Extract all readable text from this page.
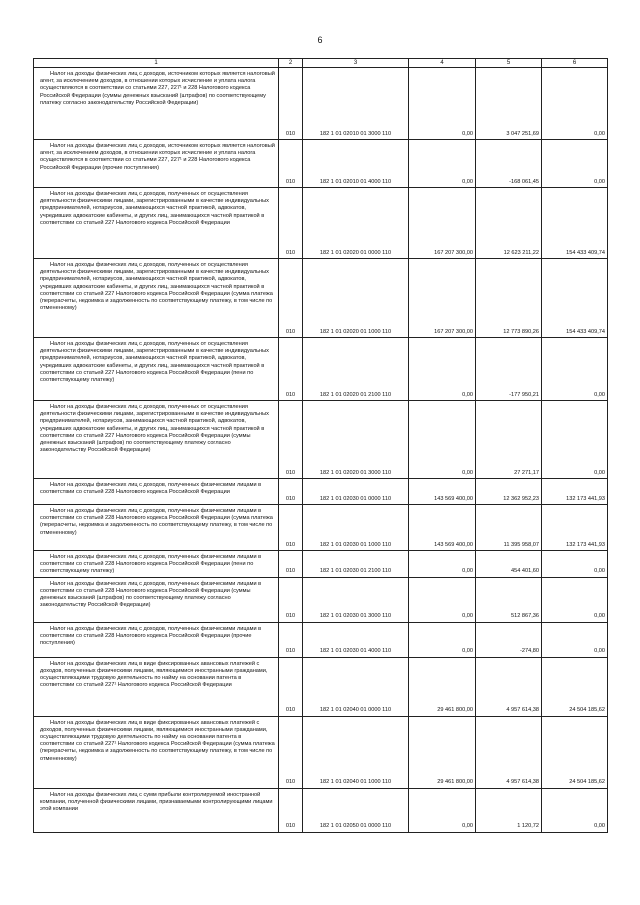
6
1	2	3	4	5	6

Налог на доходы физических лиц с доходов, источником которых является налоговый агент, за исключением доходов, в отношении которых исчисление и уплата налога осуществляются в соответствии со статьями 227, 227¹ и 228 Налогового кодекса Российской Федерации (суммы денежных взысканий (штрафов) по соответствующему платежу согласно законодательству Российской Федерации)	010	182 1 01 02010 01 3000 110	0,00	3 047 251,69	0,00

Налог на доходы физических лиц с доходов, источником которых является налоговый агент, за исключением доходов, в отношении которых исчисление и уплата налога осуществляются в соответствии со статьями 227, 227¹ и 228 Налогового кодекса Российской Федерации (прочие поступления)	010	182 1 01 02010 01 4000 110	0,00	-168 061,45	0,00

Налог на доходы физических лиц с доходов, полученных от осуществления деятельности физическими лицами, зарегистрированными в качестве индивидуальных предпринимателей, нотариусов, занимающихся частной практикой, адвокатов, учредивших адвокатские кабинеты, и других лиц, занимающихся частной практикой в соответствии со статьей 227 Налогового кодекса Российской Федерации	010	182 1 01 02020 01 0000 110	167 207 300,00	12 623 211,22	154 433 409,74

Налог на доходы физических лиц с доходов, полученных от осуществления деятельности физическими лицами, зарегистрированными в качестве индивидуальных предпринимателей, нотариусов, занимающихся частной практикой, адвокатов, учредивших адвокатские кабинеты, и других лиц, занимающихся частной практикой в соответствии со статьей 227 Налогового кодекса Российской Федерации (сумма платежа (перерасчеты, недоимка и задолженность по соответствующему платежу, в том числе по отмененному)	010	182 1 01 02020 01 1000 110	167 207 300,00	12 773 890,26	154 433 409,74

Налог на доходы физических лиц с доходов, полученных от осуществления деятельности физическими лицами, зарегистрированными в качестве индивидуальных предпринимателей, нотариусов, занимающихся частной практикой, адвокатов, учредивших адвокатские кабинеты, и других лиц, занимающихся частной практикой в соответствии со статьей 227 Налогового кодекса Российской Федерации (пени по соответствующему платежу)	010	182 1 01 02020 01 2100 110	0,00	-177 950,21	0,00

Налог на доходы физических лиц с доходов, полученных от осуществления деятельности физическими лицами, зарегистрированными в качестве индивидуальных предпринимателей, нотариусов, занимающихся частной практикой, адвокатов, учредивших адвокатские кабинеты, и других лиц, занимающихся частной практикой в соответствии со статьей 227 Налогового кодекса Российской Федерации (суммы денежных взысканий (штрафов) по соответствующему платежу согласно законодательству Российской Федерации)	010	182 1 01 02020 01 3000 110	0,00	27 271,17	0,00

Налог на доходы физических лиц с доходов, полученных физическими лицами в соответствии со статьей 228 Налогового кодекса Российской Федерации	010	182 1 01 02030 01 0000 110	143 569 400,00	12 362 952,23	132 173 441,93

Налог на доходы физических лиц с доходов, полученных физическими лицами в соответствии со статьей 228 Налогового кодекса Российской Федерации (сумма платежа (перерасчеты, недоимка и задолженность по соответствующему платежу, в том числе по отмененному)	010	182 1 01 02030 01 1000 110	143 569 400,00	11 395 958,07	132 173 441,93

Налог на доходы физических лиц с доходов, полученных физическими лицами в соответствии со статьей 228 Налогового кодекса Российской Федерации (пени по соответствующему платежу)	010	182 1 01 02030 01 2100 110	0,00	454 401,60	0,00

Налог на доходы физических лиц с доходов, полученных физическими лицами в соответствии со статьей 228 Налогового кодекса Российской Федерации (суммы денежных взысканий (штрафов) по соответствующему платежу согласно законодательству Российской Федерации)	010	182 1 01 02030 01 3000 110	0,00	512 867,36	0,00

Налог на доходы физических лиц с доходов, полученных физическими лицами в соответствии со статьей 228 Налогового кодекса Российской Федерации (прочие поступления)	010	182 1 01 02030 01 4000 110	0,00	-274,80	0,00

Налог на доходы физических лиц в виде фиксированных авансовых платежей с доходов, полученных физическими лицами, являющимися иностранными гражданами, осуществляющими трудовую деятельность по найму на основании патента в соответствии со статьей 227¹ Налогового кодекса Российской Федерации	010	182 1 01 02040 01 0000 110	29 461 800,00	4 957 614,38	24 504 185,62

Налог на доходы физических лиц в виде фиксированных авансовых платежей с доходов, полученных физическими лицами, являющимися иностранными гражданами, осуществляющими трудовую деятельность по найму на основании патента в соответствии со статьей 227¹ Налогового кодекса Российской Федерации (сумма платежа (перерасчеты, недоимка и задолженность по соответствующему платежу, в том числе по отмененному)	010	182 1 01 02040 01 1000 110	29 461 800,00	4 957 614,38	24 504 185,62

Налог на доходы физических лиц с сумм прибыли контролируемой иностранной компании, полученной физическими лицами, признаваемыми контролирующими лицами этой компании	010	182 1 01 02050 01 0000 110	0,00	1 120,72	0,00
